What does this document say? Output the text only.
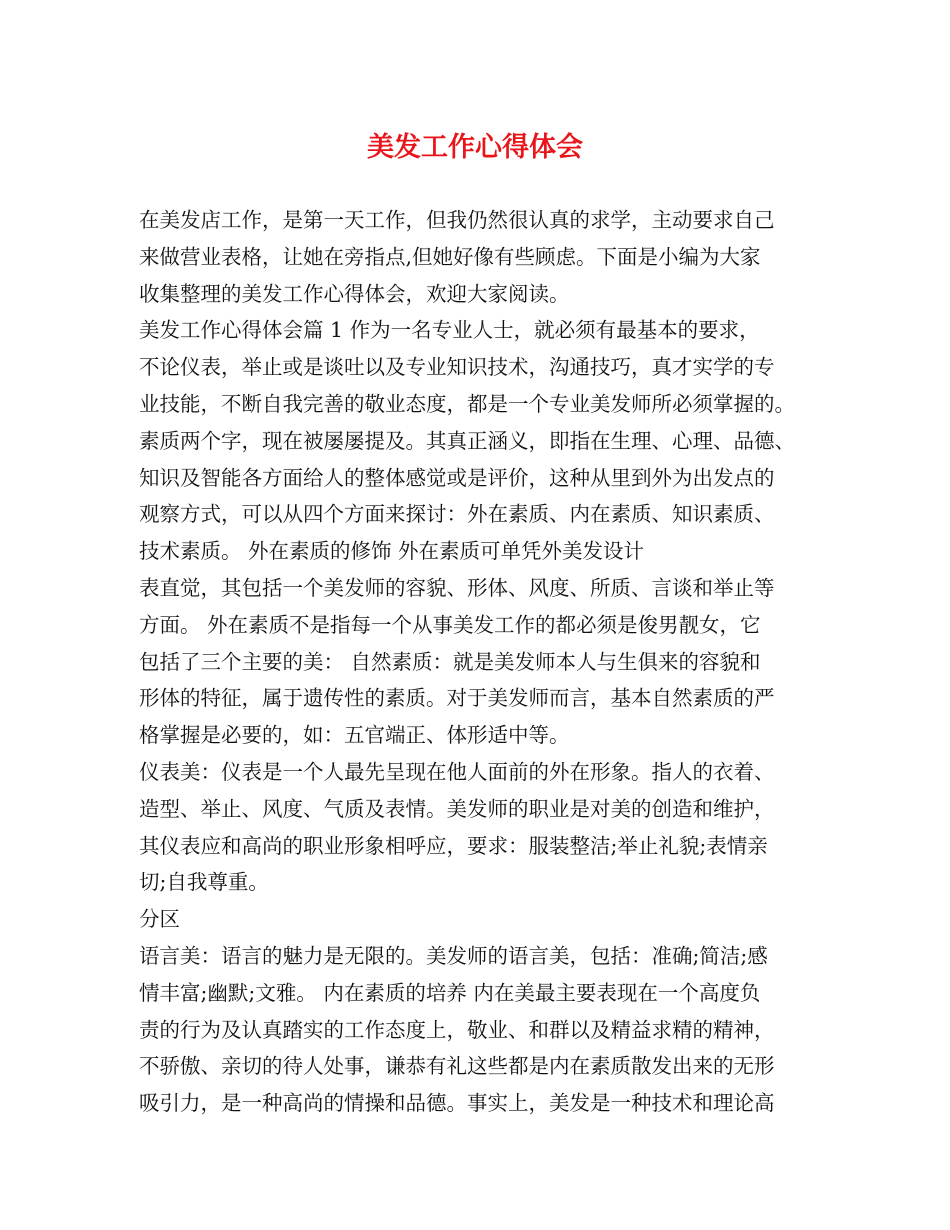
美发工作心得体会
在美发店工作，是第一天工作，但我仍然很认真的求学，主动要求自己
来做营业表格，让她在旁指点,但她好像有些顾虑。下面是小编为大家
收集整理的美发工作心得体会，欢迎大家阅读。
美发工作心得体会篇 1 作为一名专业人士，就必须有最基本的要求，
不论仪表，举止或是谈吐以及专业知识技术，沟通技巧，真才实学的专
业技能，不断自我完善的敬业态度，都是一个专业美发师所必须掌握的。
素质两个字，现在被屡屡提及。其真正涵义，即指在生理、心理、品德、
知识及智能各方面给人的整体感觉或是评价，这种从里到外为出发点的
观察方式，可以从四个方面来探讨：外在素质、内在素质、知识素质、
技术素质。 外在素质的修饰 外在素质可单凭外美发设计
表直觉，其包括一个美发师的容貌、形体、风度、所质、言谈和举止等
方面。 外在素质不是指每一个从事美发工作的都必须是俊男靓女，它
包括了三个主要的美： 自然素质：就是美发师本人与生俱来的容貌和
形体的特征，属于遗传性的素质。对于美发师而言，基本自然素质的严
格掌握是必要的，如：五官端正、体形适中等。
仪表美：仪表是一个人最先呈现在他人面前的外在形象。指人的衣着、
造型、举止、风度、气质及表情。美发师的职业是对美的创造和维护，
其仪表应和高尚的职业形象相呼应，要求：服装整洁;举止礼貌;表情亲
切;自我尊重。
分区
语言美：语言的魅力是无限的。美发师的语言美，包括：准确;简洁;感
情丰富;幽默;文雅。 内在素质的培养 内在美最主要表现在一个高度负
责的行为及认真踏实的工作态度上，敬业、和群以及精益求精的精神，
不骄傲、亲切的待人处事，谦恭有礼这些都是内在素质散发出来的无形
吸引力，是一种高尚的情操和品德。事实上，美发是一种技术和理论高
